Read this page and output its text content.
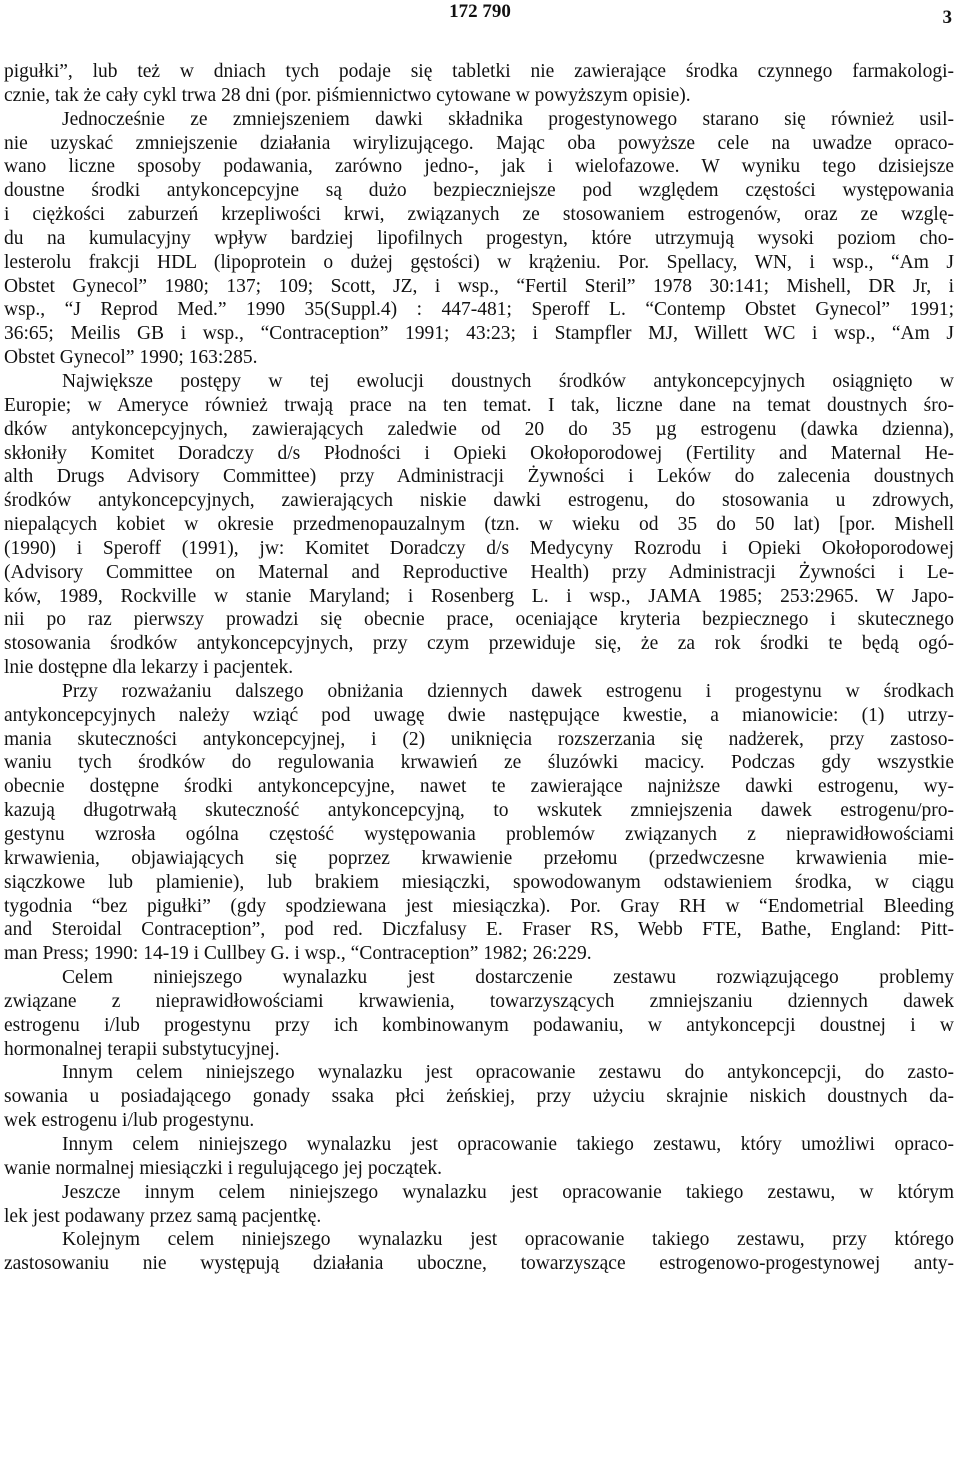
172 790	3
pigułki”, lub też w dniach tych podaje się tabletki nie zawierające środka czynnego farmakologi-
cznie, tak że cały cykl trwa 28 dni (por. piśmiennictwo cytowane w powyższym opisie).
Jednocześnie ze zmniejszeniem dawki składnika progestynowego starano się również usil-
nie uzyskać zmniejszenie działania wirylizującego. Mając oba powyższe cele na uwadze opraco-
wano liczne sposoby podawania, zarówno jedno-, jak i wielofazowe. W wyniku tego dzisiejsze
doustne środki antykoncepcyjne są dużo bezpieczniejsze pod względem częstości występowania
i ciężkości zaburzeń krzepliwości krwi, związanych ze stosowaniem estrogenów, oraz ze wzglę-
du na kumulacyjny wpływ bardziej lipofilnych progestyn, które utrzymują wysoki poziom cho-
lesterolu frakcji HDL (lipoprotein o dużej gęstości) w krążeniu. Por. Spellacy, WN, i wsp., “Am J
Obstet Gynecol” 1980; 137; 109; Scott, JZ, i wsp., “Fertil Steril” 1978 30:141; Mishell, DR Jr, i
wsp., “J Reprod Med.” 1990 35(Suppl.4) : 447-481; Speroff L. “Contemp Obstet Gynecol” 1991;
36:65; Meilis GB i wsp., “Contraception” 1991; 43:23; i Stampfler MJ, Willett WC i wsp., “Am J
Obstet Gynecol” 1990; 163:285.
Największe postępy w tej ewolucji doustnych środków antykoncepcyjnych osiągnięto w
Europie; w Ameryce również trwają prace na ten temat. I tak, liczne dane na temat doustnych śro-
dków antykoncepcyjnych, zawierających zaledwie od 20 do 35 µg estrogenu (dawka dzienna),
skłoniły Komitet Doradczy d/s Płodności i Opieki Okołoporodowej (Fertility and Maternal He-
alth Drugs Advisory Committee) przy Administracji Żywności i Leków do zalecenia doustnych
środków antykoncepcyjnych, zawierających niskie dawki estrogenu, do stosowania u zdrowych,
niepalących kobiet w okresie przedmenopauzalnym (tzn. w wieku od 35 do 50 lat) [por. Mishell
(1990) i Speroff (1991), jw: Komitet Doradczy d/s Medycyny Rozrodu i Opieki Okołoporodowej
(Advisory Committee on Maternal and Reproductive Health) przy Administracji Żywności i Le-
ków, 1989, Rockville w stanie Maryland; i Rosenberg L. i wsp., JAMA 1985; 253:2965. W Japo-
nii po raz pierwszy prowadzi się obecnie prace, oceniające kryteria bezpiecznego i skutecznego
stosowania środków antykoncepcyjnych, przy czym przewiduje się, że za rok środki te będą ogó-
lnie dostępne dla lekarzy i pacjentek.
Przy rozważaniu dalszego obniżania dziennych dawek estrogenu i progestynu w środkach
antykoncepcyjnych należy wziąć pod uwagę dwie następujące kwestie, a mianowicie: (1) utrzy-
mania skuteczności antykoncepcyjnej, i (2) uniknięcia rozszerzania się nadżerek, przy zastoso-
waniu tych środków do regulowania krwawień ze śluzówki macicy. Podczas gdy wszystkie
obecnie dostępne środki antykoncepcyjne, nawet te zawierające najniższe dawki estrogenu, wy-
kazują długotrwałą skuteczność antykoncepcyjną, to wskutek zmniejszenia dawek estrogenu/pro-
gestynu wzrosła ogólna częstość występowania problemów związanych z nieprawidłowościami
krwawienia, objawiających się poprzez krwawienie przełomu (przedwczesne krwawienia mie-
siączkowe lub plamienie), lub brakiem miesiączki, spowodowanym odstawieniem środka, w ciągu
tygodnia “bez pigułki” (gdy spodziewana jest miesiączka). Por. Gray RH w “Endometrial Bleeding
and Steroidal Contraception”, pod red. Diczfalusy E. Fraser RS, Webb FTE, Bathe, England: Pitt-
man Press; 1990: 14-19 i Cullbey G. i wsp., “Contraception” 1982; 26:229.
Celem niniejszego wynalazku jest dostarczenie zestawu rozwiązującego problemy
związane z nieprawidłowościami krwawienia, towarzyszących zmniejszaniu dziennych dawek
estrogenu i/lub progestynu przy ich kombinowanym podawaniu, w antykoncepcji doustnej i w
hormonalnej terapii substytucyjnej.
Innym celem niniejszego wynalazku jest opracowanie zestawu do antykoncepcji, do zasto-
sowania u posiadającego gonady ssaka płci żeńskiej, przy użyciu skrajnie niskich doustnych da-
wek estrogenu i/lub progestynu.
Innym celem niniejszego wynalazku jest opracowanie takiego zestawu, który umożliwi opraco-
wanie normalnej miesiączki i regulującego jej początek.
Jeszcze innym celem niniejszego wynalazku jest opracowanie takiego zestawu, w którym
lek jest podawany przez samą pacjentkę.
Kolejnym celem niniejszego wynalazku jest opracowanie takiego zestawu, przy którego
zastosowaniu nie występują działania uboczne, towarzyszące estrogenowo-progestynowej anty-
